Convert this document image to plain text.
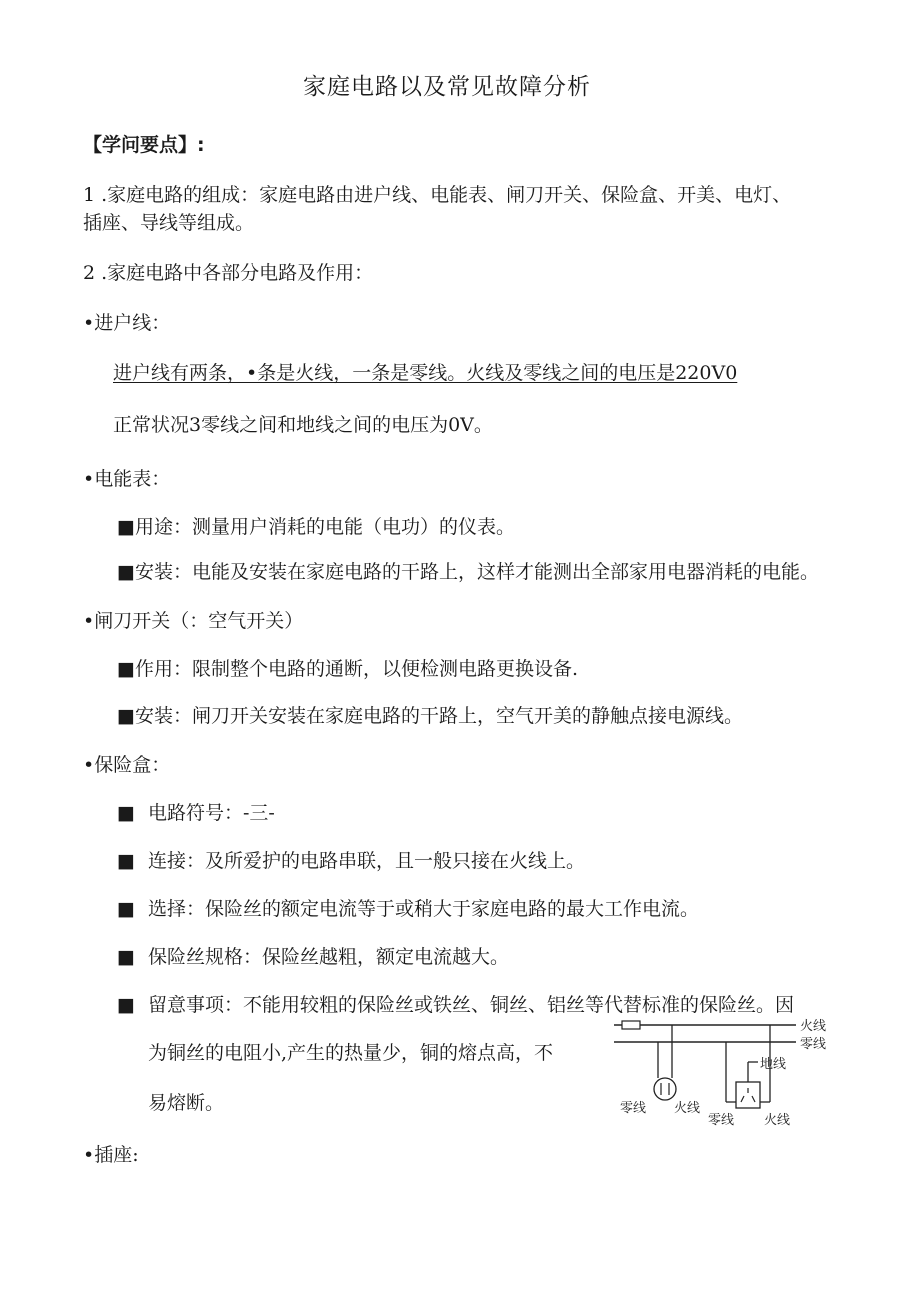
家庭电路以及常见故障分析
【学问要点】:
1 .家庭电路的组成：家庭电路由进户线、电能表、闸刀开关、保险盒、开美、电灯、
插座、导线等组成。
2 .家庭电路中各部分电路及作用：
•进户线：
进户线有两条，•条是火线，一条是零线。火线及零线之间的电压是220V0
正常状况3零线之间和地线之间的电压为0V。
•电能表：
■用途：测量用户消耗的电能（电功）的仪表。
■安装：电能及安装在家庭电路的干路上，这样才能测出全部家用电器消耗的电能。
•闸刀开关（：空气开关）
■作用：限制整个电路的通断，以便检测电路更换设备.
■安装：闸刀开关安装在家庭电路的干路上，空气开美的静触点接电源线。
•保险盒：
■ 电路符号：-三-
■ 连接：及所爱护的电路串联，且一般只接在火线上。
■ 选择：保险丝的额定电流等于或稍大于家庭电路的最大工作电流。
■ 保险丝规格：保险丝越粗，额定电流越大。
■ 留意事项：不能用较粗的保险丝或铁丝、铜丝、铝丝等代替标准的保险丝。因
为铜丝的电阻小,产生的热量少，铜的熔点高，不
易熔断。
火线
零线
地线
零线 火线
零线 火线
•插座:
